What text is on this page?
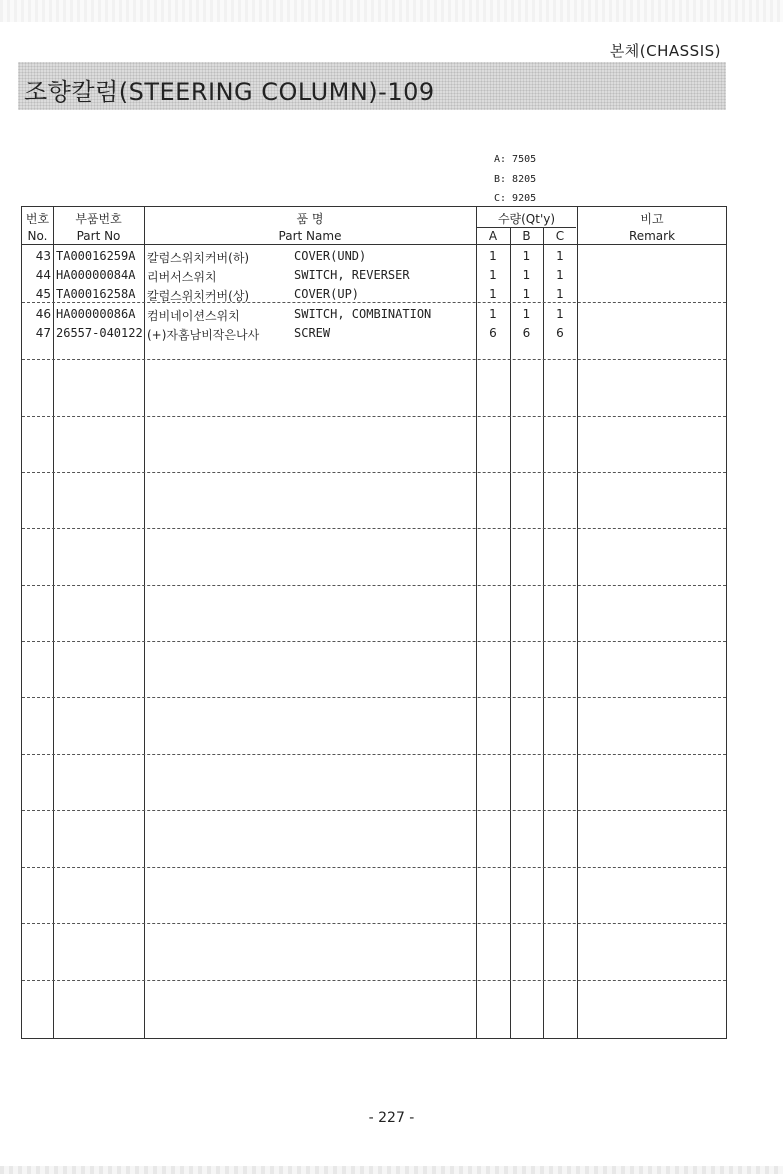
본체(CHASSIS)
조향칼럼(STEERING COLUMN)-109
A: 7505
B: 8205
C: 9205
번호
No.
부품번호
Part No
품 명
Part Name
수량(Qt'y)
A	B	C
비고
Remark
43 TA00016259A 칼럼스위치커버(하)	COVER(UND)	1	1	1
44 HA00000084A 리버서스위치	SWITCH, REVERSER	1	1	1
45 TA00016258A 칼럼스위치커버(상)	COVER(UP)	1	1	1
46 HA00000086A 컴비네이션스위치	SWITCH, COMBINATION	1	1	1
47 26557-040122 (+)자홈남비작은나사	SCREW	6	6	6
- 227 -
